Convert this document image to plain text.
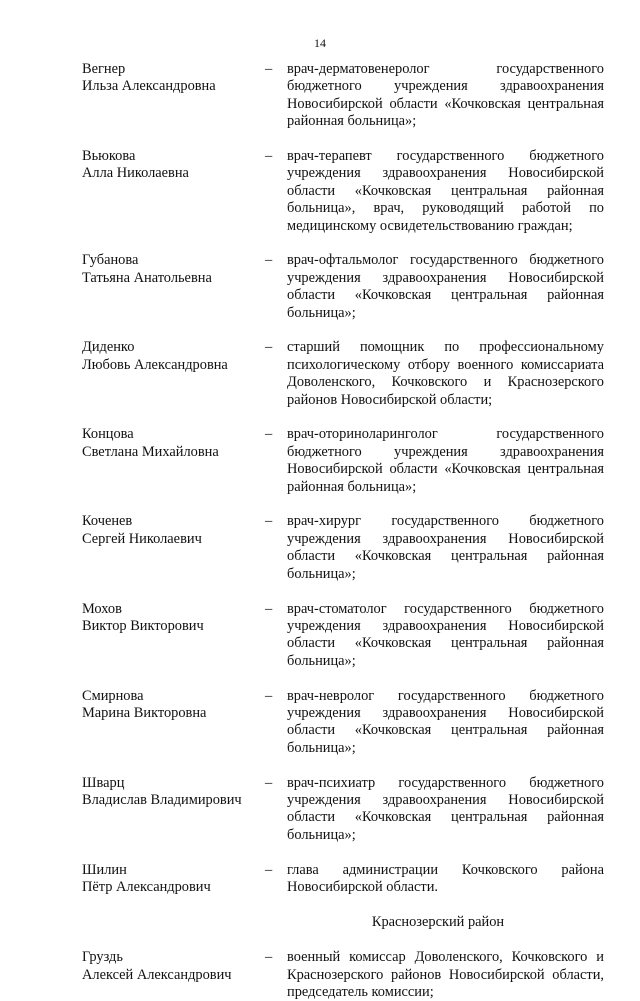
14
Вегнер
Ильза Александровна
–	врач-дерматовенеролог государственного бюджетного учреждения здравоохранения Новосибирской области «Кочковская центральная районная больница»;
Вьюкова
Алла Николаевна
–	врач-терапевт государственного бюджетного учреждения здравоохранения Новосибирской области «Кочковская центральная районная больница», врач, руководящий работой по медицинскому освидетельствованию граждан;
Губанова
Татьяна Анатольевна
–	врач-офтальмолог государственного бюджетного учреждения здравоохранения Новосибирской области «Кочковская центральная районная больница»;
Диденко
Любовь Александровна
–	старший помощник по профессиональному психологическому отбору военного комиссариата Доволенского, Кочковского и Краснозерского районов Новосибирской области;
Концова
Светлана Михайловна
–	врач-оториноларинголог государственного бюджетного учреждения здравоохранения Новосибирской области «Кочковская центральная районная больница»;
Коченев
Сергей Николаевич
–	врач-хирург государственного бюджетного учреждения здравоохранения Новосибирской области «Кочковская центральная районная больница»;
Мохов
Виктор Викторович
–	врач-стоматолог государственного бюджетного учреждения здравоохранения Новосибирской области «Кочковская центральная районная больница»;
Смирнова
Марина Викторовна
–	врач-невролог государственного бюджетного учреждения здравоохранения Новосибирской области «Кочковская центральная районная больница»;
Шварц
Владислав Владимирович
–	врач-психиатр государственного бюджетного учреждения здравоохранения Новосибирской области «Кочковская центральная районная больница»;
Шилин
Пётр Александрович
–	глава администрации Кочковского района Новосибирской области.
Краснозерский район
Груздь
Алексей Александрович
–	военный комиссар Доволенского, Кочковского и Краснозерского районов Новосибирской области, председатель комиссии;
